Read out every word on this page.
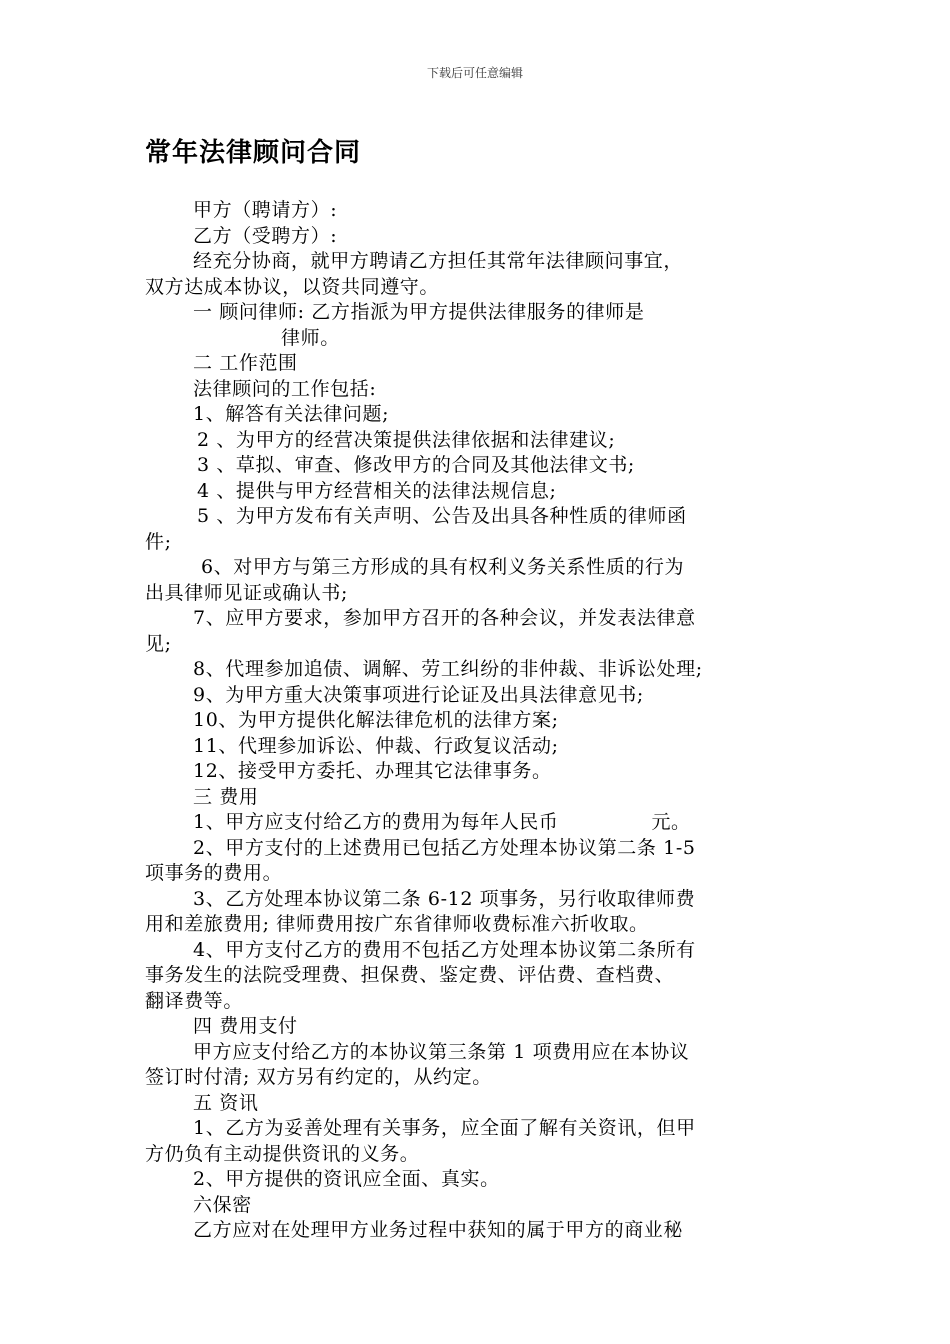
下载后可任意编辑
常年法律顾问合同
甲方（聘请方）:
乙方（受聘方）:
经充分协商，就甲方聘请乙方担任其常年法律顾问事宜，
双方达成本协议，以资共同遵守。
一 顾问律师: 乙方指派为甲方提供法律服务的律师是
律师。
二 工作范围
法律顾问的工作包括:
1、解答有关法律问题;
2 、为甲方的经营决策提供法律依据和法律建议;
3 、草拟、审查、修改甲方的合同及其他法律文书;
4 、提供与甲方经营相关的法律法规信息;
5 、为甲方发布有关声明、公告及出具各种性质的律师函
件;
6、对甲方与第三方形成的具有权利义务关系性质的行为
出具律师见证或确认书;
7、应甲方要求，参加甲方召开的各种会议，并发表法律意
见;
8、代理参加追债、调解、劳工纠纷的非仲裁、非诉讼处理;
9、为甲方重大决策事项进行论证及出具法律意见书;
10、为甲方提供化解法律危机的法律方案;
11、代理参加诉讼、仲裁、行政复议活动;
12、接受甲方委托、办理其它法律事务。
三 费用
1、甲方应支付给乙方的费用为每年人民币              元。
2、甲方支付的上述费用已包括乙方处理本协议第二条 1-5
项事务的费用。
3、乙方处理本协议第二条 6-12 项事务，另行收取律师费
用和差旅费用; 律师费用按广东省律师收费标准六折收取。
4、甲方支付乙方的费用不包括乙方处理本协议第二条所有
事务发生的法院受理费、担保费、鉴定费、评估费、查档费、
翻译费等。
四 费用支付
甲方应支付给乙方的本协议第三条第 1 项费用应在本协议
签订时付清; 双方另有约定的，从约定。
五 资讯
1、乙方为妥善处理有关事务，应全面了解有关资讯，但甲
方仍负有主动提供资讯的义务。
2、甲方提供的资讯应全面、真实。
六保密
乙方应对在处理甲方业务过程中获知的属于甲方的商业秘
